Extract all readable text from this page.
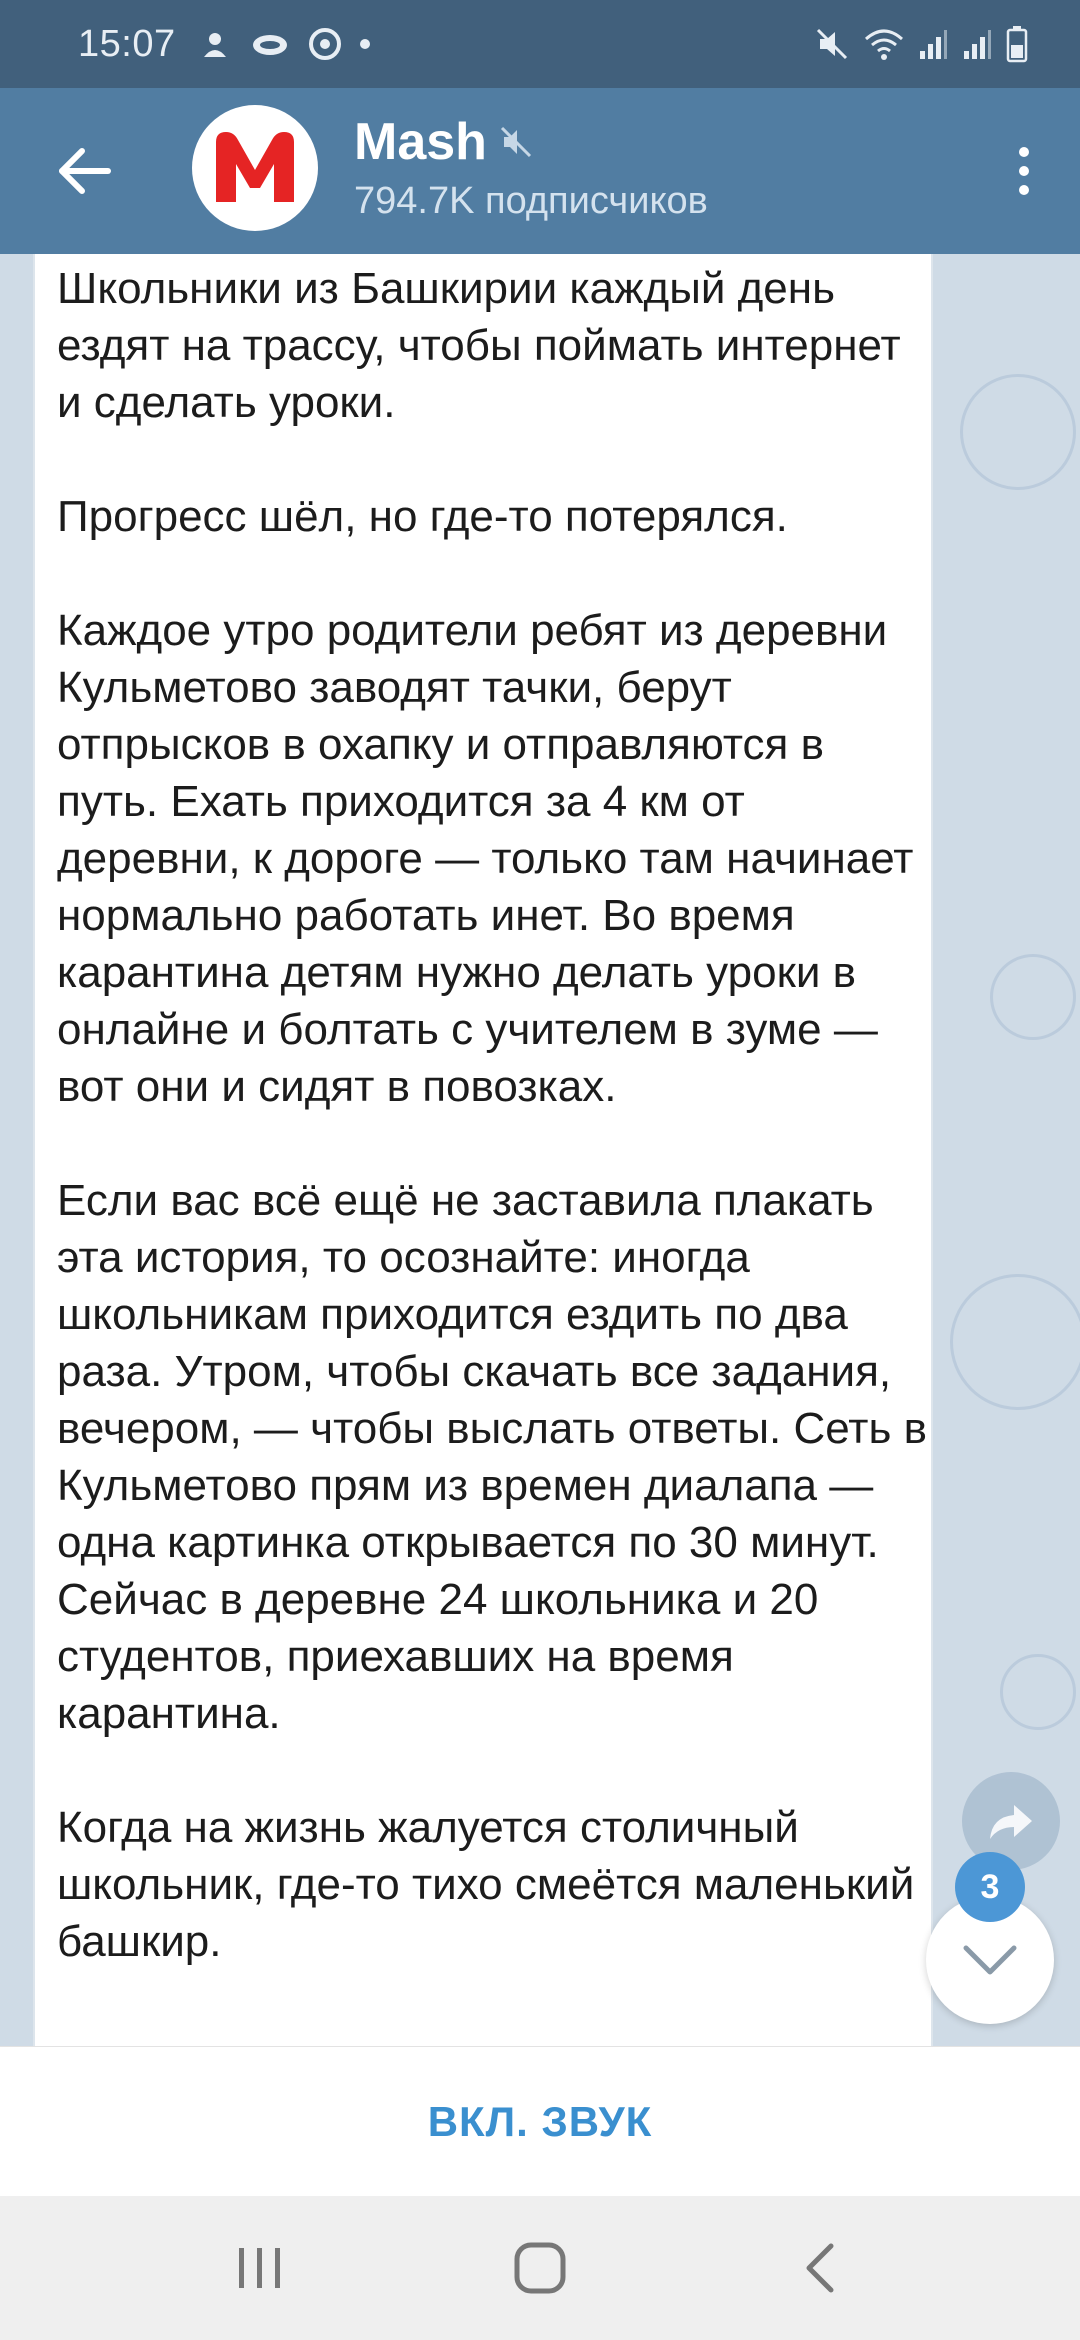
15:07
Mash
794.7K подписчиков

Школьники из Башкирии каждый день ездят на трассу, чтобы поймать интернет и сделать уроки.

Прогресс шёл, но где-то потерялся.

Каждое утро родители ребят из деревни Кульметово заводят тачки, берут отпрысков в охапку и отправляются в путь. Ехать приходится за 4 км от деревни, к дороге — только там начинает нормально работать инет. Во время карантина детям нужно делать уроки в онлайне и болтать с учителем в зуме — вот они и сидят в повозках.

Если вас всё ещё не заставила плакать эта история, то осознайте: иногда школьникам приходится ездить по два раза. Утром, чтобы скачать все задания, вечером, — чтобы выслать ответы. Сеть в Кульметово прям из времен диалапа — одна картинка открывается по 30 минут. Сейчас в деревне 24 школьника и 20 студентов, приехавших на время карантина.

Когда на жизнь жалуется столичный школьник, где-то тихо смеётся маленький башкир.

3
ВКЛ. ЗВУК
